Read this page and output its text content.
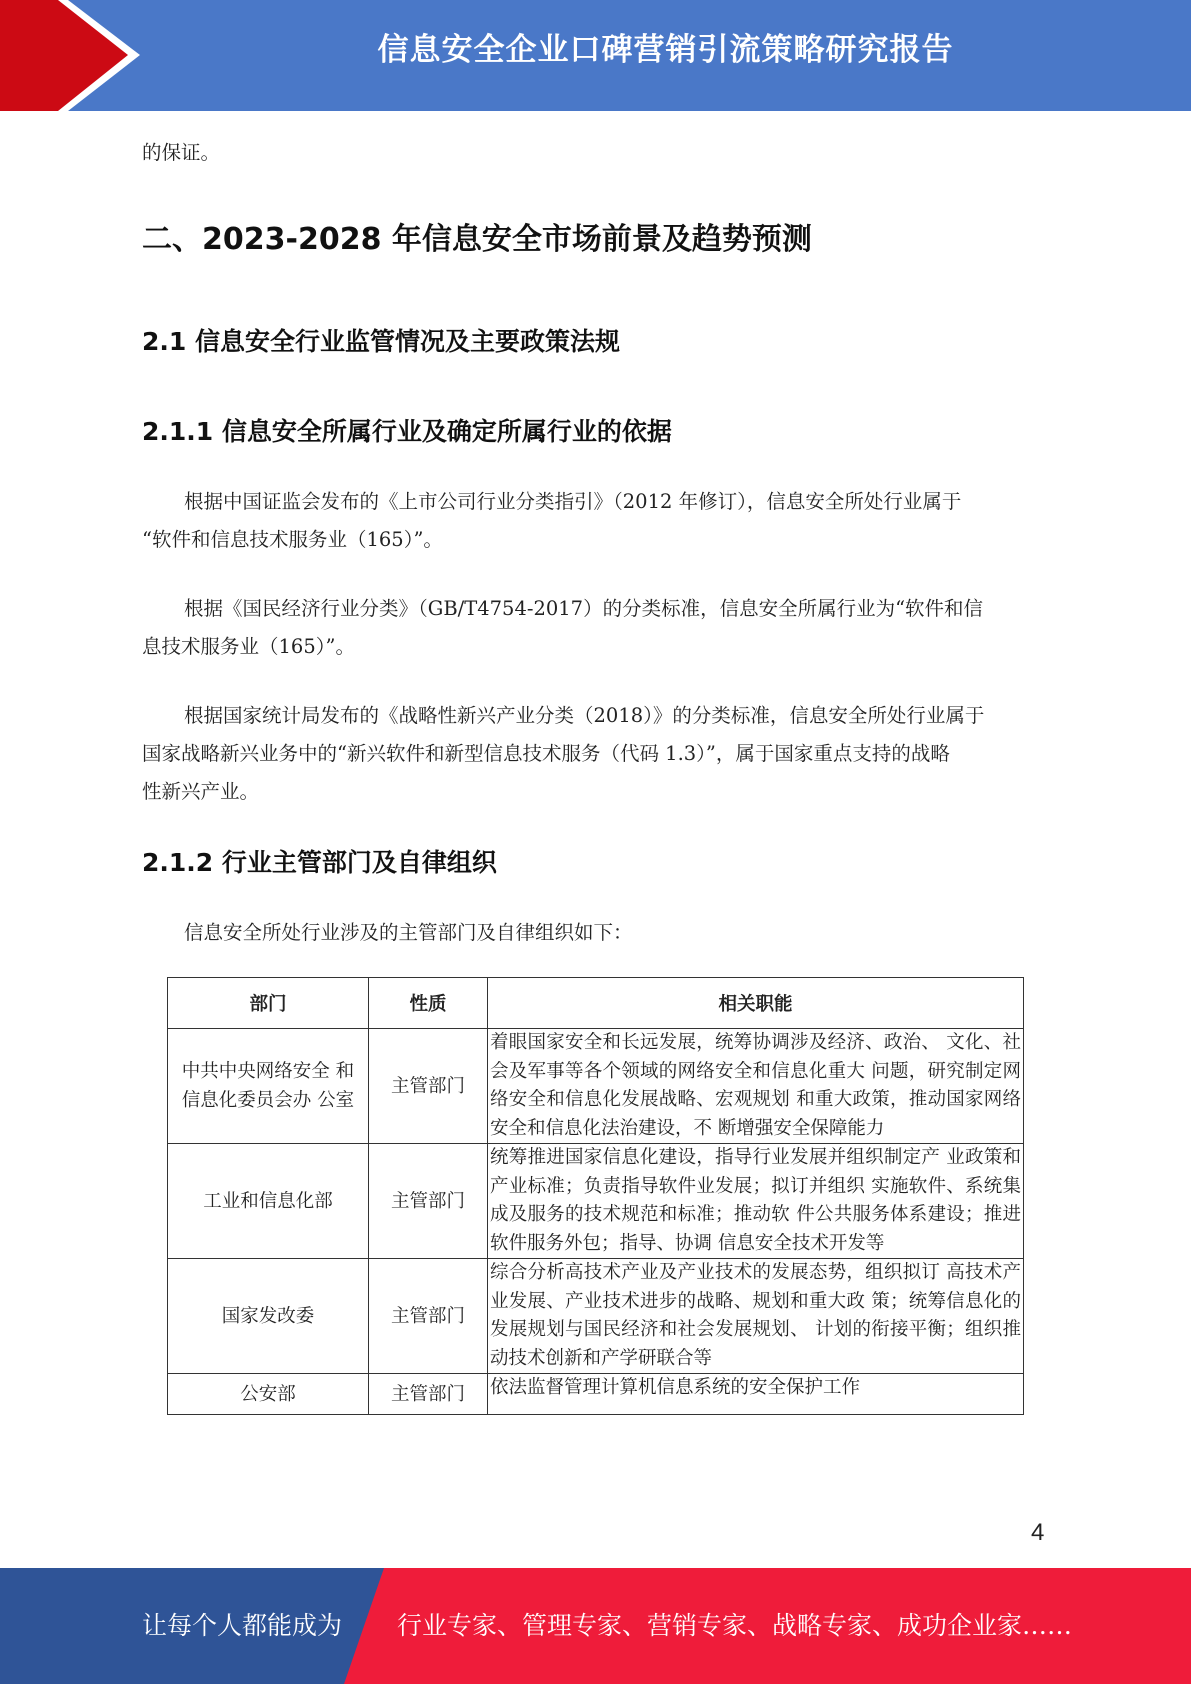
信息安全企业口碑营销引流策略研究报告
的保证。
二、2023-2028 年信息安全市场前景及趋势预测
2.1 信息安全行业监管情况及主要政策法规
2.1.1 信息安全所属行业及确定所属行业的依据
根据中国证监会发布的《上市公司行业分类指引》（2012 年修订），信息安全所处行业属于
“软件和信息技术服务业（165）”。
根据《国民经济行业分类》（GB/T4754-2017）的分类标准，信息安全所属行业为“软件和信
息技术服务业（165）”。
根据国家统计局发布的《战略性新兴产业分类（2018）》的分类标准，信息安全所处行业属于
国家战略新兴业务中的“新兴软件和新型信息技术服务（代码 1.3）”，属于国家重点支持的战略
性新兴产业。
2.1.2 行业主管部门及自律组织
信息安全所处行业涉及的主管部门及自律组织如下：
部门	性质	相关职能

中共中央网络安全 和
信息化委员会办 公室	主管部门	着眼国家安全和长远发展，统筹协调涉及经济、政治、 文化、社会及军事等各个领域的网络安全和信息化重大 问题，研究制定网络安全和信息化发展战略、宏观规划 和重大政策，推动国家网络安全和信息化法治建设，不 断增强安全保障能力
工业和信息化部	主管部门	统筹推进国家信息化建设，指导行业发展并组织制定产 业政策和产业标准；负责指导软件业发展；拟订并组织 实施软件、系统集成及服务的技术规范和标准；推动软 件公共服务体系建设；推进软件服务外包；指导、协调 信息安全技术开发等
国家发改委	主管部门	综合分析高技术产业及产业技术的发展态势，组织拟订 高技术产业发展、产业技术进步的战略、规划和重大政 策；统筹信息化的发展规划与国民经济和社会发展规划、 计划的衔接平衡；组织推动技术创新和产学研联合等
公安部	主管部门	依法监督管理计算机信息系统的安全保护工作
4
让每个人都能成为 行业专家、管理专家、营销专家、战略专家、成功企业家……
